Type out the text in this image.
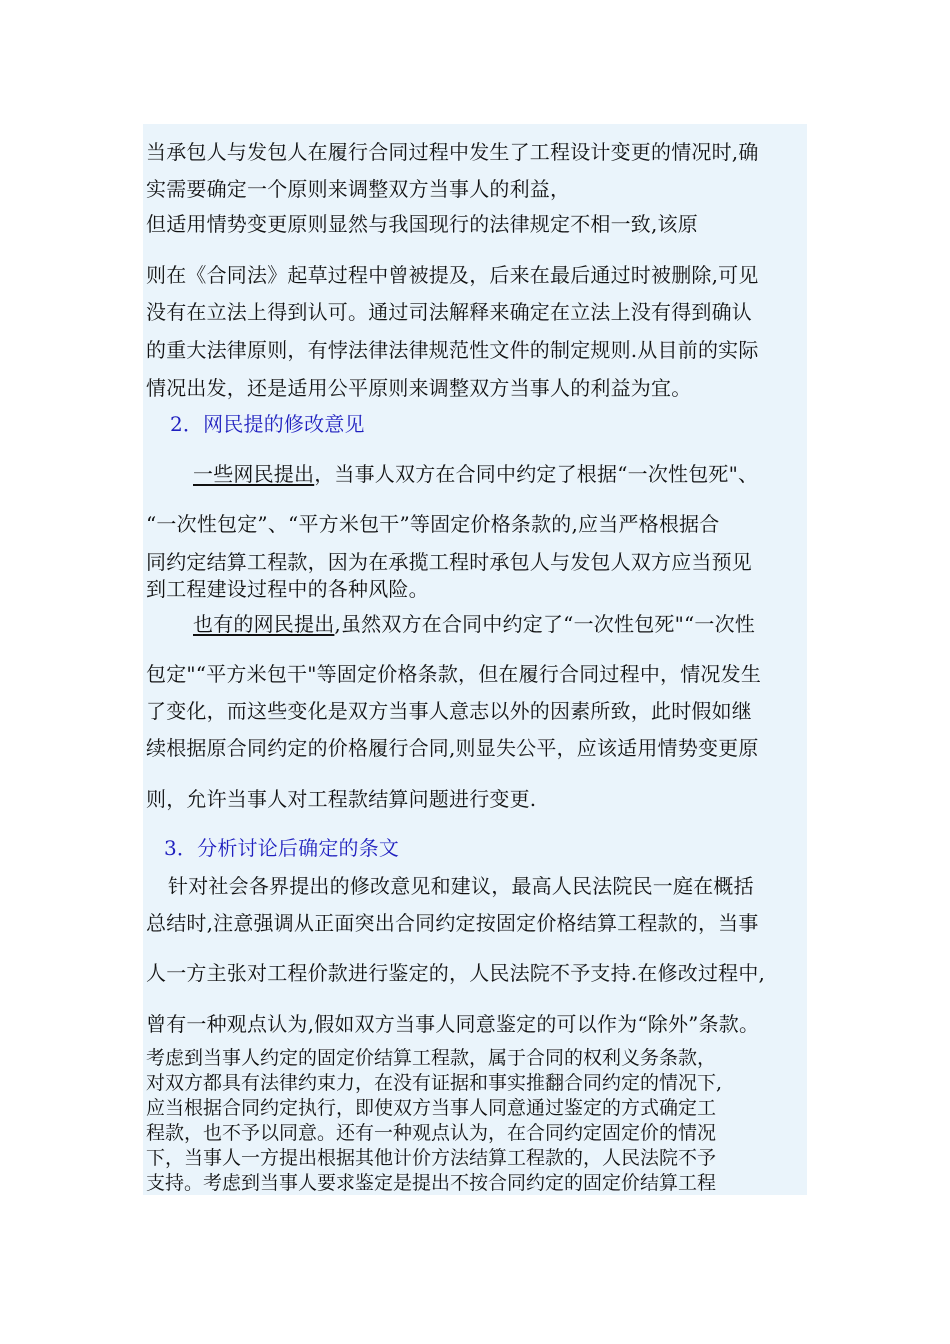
当承包人与发包人在履行合同过程中发生了工程设计变更的情况时,确
实需要确定一个原则来调整双方当事人的利益，
但适用情势变更原则显然与我国现行的法律规定不相一致,该原
则在《合同法》起草过程中曾被提及，后来在最后通过时被删除,可见
没有在立法上得到认可。通过司法解释来确定在立法上没有得到确认
的重大法律原则，有悖法律法律规范性文件的制定规则.从目前的实际
情况出发，还是适用公平原则来调整双方当事人的利益为宜。
2．网民提的修改意见
一些网民提出，当事人双方在合同中约定了根据“一次性包死"、
“一次性包定”、“平方米包干”等固定价格条款的,应当严格根据合
同约定结算工程款，因为在承揽工程时承包人与发包人双方应当预见
到工程建设过程中的各种风险。
也有的网民提出,虽然双方在合同中约定了“一次性包死"“一次性
包定"“平方米包干"等固定价格条款，但在履行合同过程中，情况发生
了变化，而这些变化是双方当事人意志以外的因素所致，此时假如继
续根据原合同约定的价格履行合同,则显失公平，应该适用情势变更原
则，允许当事人对工程款结算问题进行变更.
3．分析讨论后确定的条文
针对社会各界提出的修改意见和建议，最高人民法院民一庭在概括
总结时,注意强调从正面突出合同约定按固定价格结算工程款的，当事
人一方主张对工程价款进行鉴定的，人民法院不予支持.在修改过程中,
曾有一种观点认为,假如双方当事人同意鉴定的可以作为“除外”条款。
考虑到当事人约定的固定价结算工程款，属于合同的权利义务条款，
对双方都具有法律约束力，在没有证据和事实推翻合同约定的情况下,
应当根据合同约定执行，即使双方当事人同意通过鉴定的方式确定工
程款，也不予以同意。还有一种观点认为，在合同约定固定价的情况
下，当事人一方提出根据其他计价方法结算工程款的，人民法院不予
支持。考虑到当事人要求鉴定是提出不按合同约定的固定价结算工程
